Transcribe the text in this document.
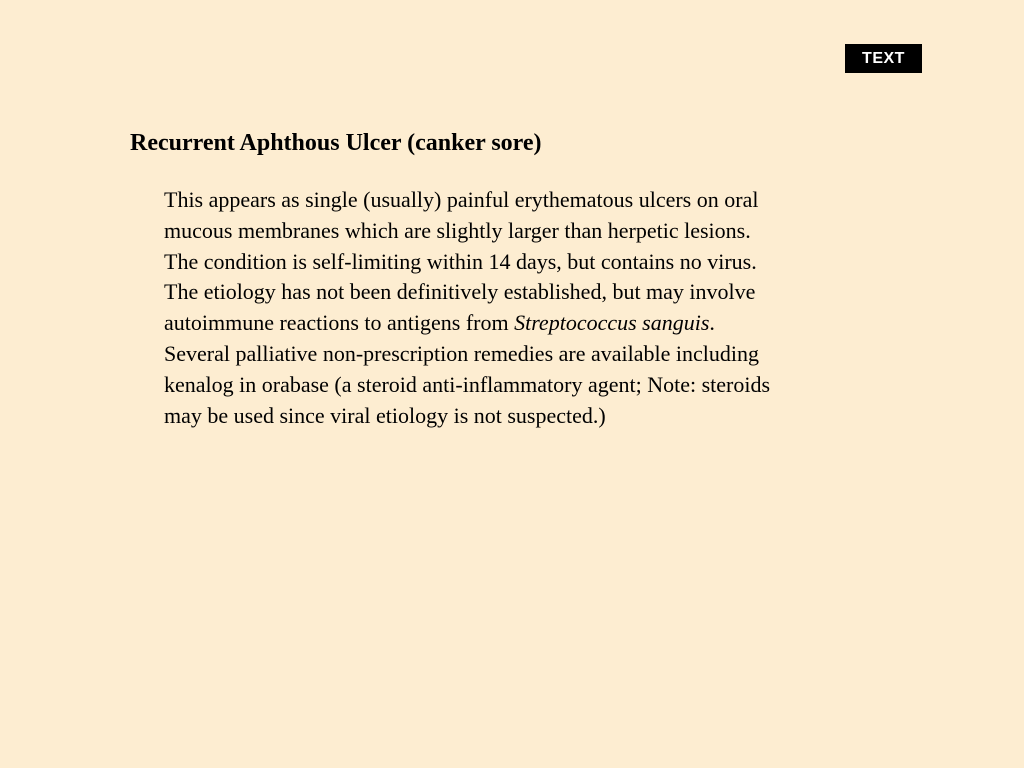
TEXT
Recurrent Aphthous Ulcer (canker sore)

This appears as single (usually) painful erythematous ulcers on oral
mucous membranes which are slightly larger than herpetic lesions.
The condition is self-limiting within 14 days, but contains no virus.
The etiology has not been definitively established, but may involve
autoimmune reactions to antigens from Streptococcus sanguis.
Several palliative non-prescription remedies are available including
kenalog in orabase (a steroid anti-inflammatory agent; Note: steroids
may be used since viral etiology is not suspected.)
